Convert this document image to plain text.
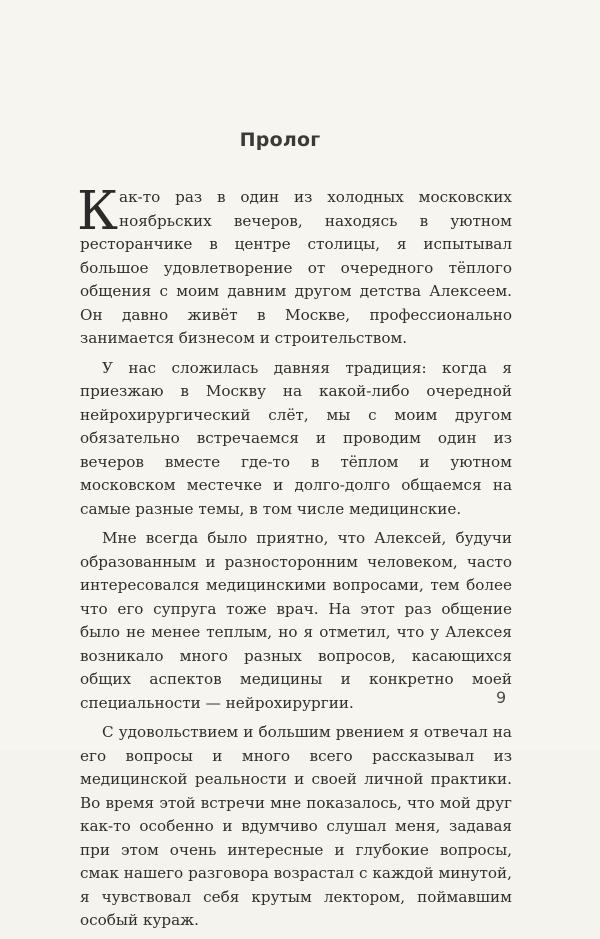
Пролог

Как-то раз в один из холодных московских ноябрьских вечеров, находясь в уютном ресторанчике в центре столицы, я испытывал большое удовлетворение от очередного тёплого общения с моим давним другом детства Алексеем. Он давно живёт в Москве, профессионально занимается бизнесом и строительством.

У нас сложилась давняя традиция: когда я приезжаю в Москву на какой-либо очередной нейрохирургический слёт, мы с моим другом обязательно встречаемся и проводим один из вечеров вместе где-то в тёплом и уютном московском местечке и долго-долго общаемся на самые разные темы, в том числе медицинские.

Мне всегда было приятно, что Алексей, будучи образованным и разносторонним человеком, часто интересовался медицинскими вопросами, тем более что его супруга тоже врач. На этот раз общение было не менее теплым, но я отметил, что у Алексея возникало много разных вопросов, касающихся общих аспектов медицины и конкретно моей специальности — нейрохирургии.

С удовольствием и большим рвением я отвечал на его вопросы и много всего рассказывал из медицинской реальности и своей личной практики. Во время этой встречи мне показалось, что мой друг как-то особенно и вдумчиво слушал меня, задавая при этом очень интересные и глубокие вопросы, смак нашего разговора возрастал с каждой минутой, я чувствовал себя крутым лектором, поймавшим особый кураж.

9
